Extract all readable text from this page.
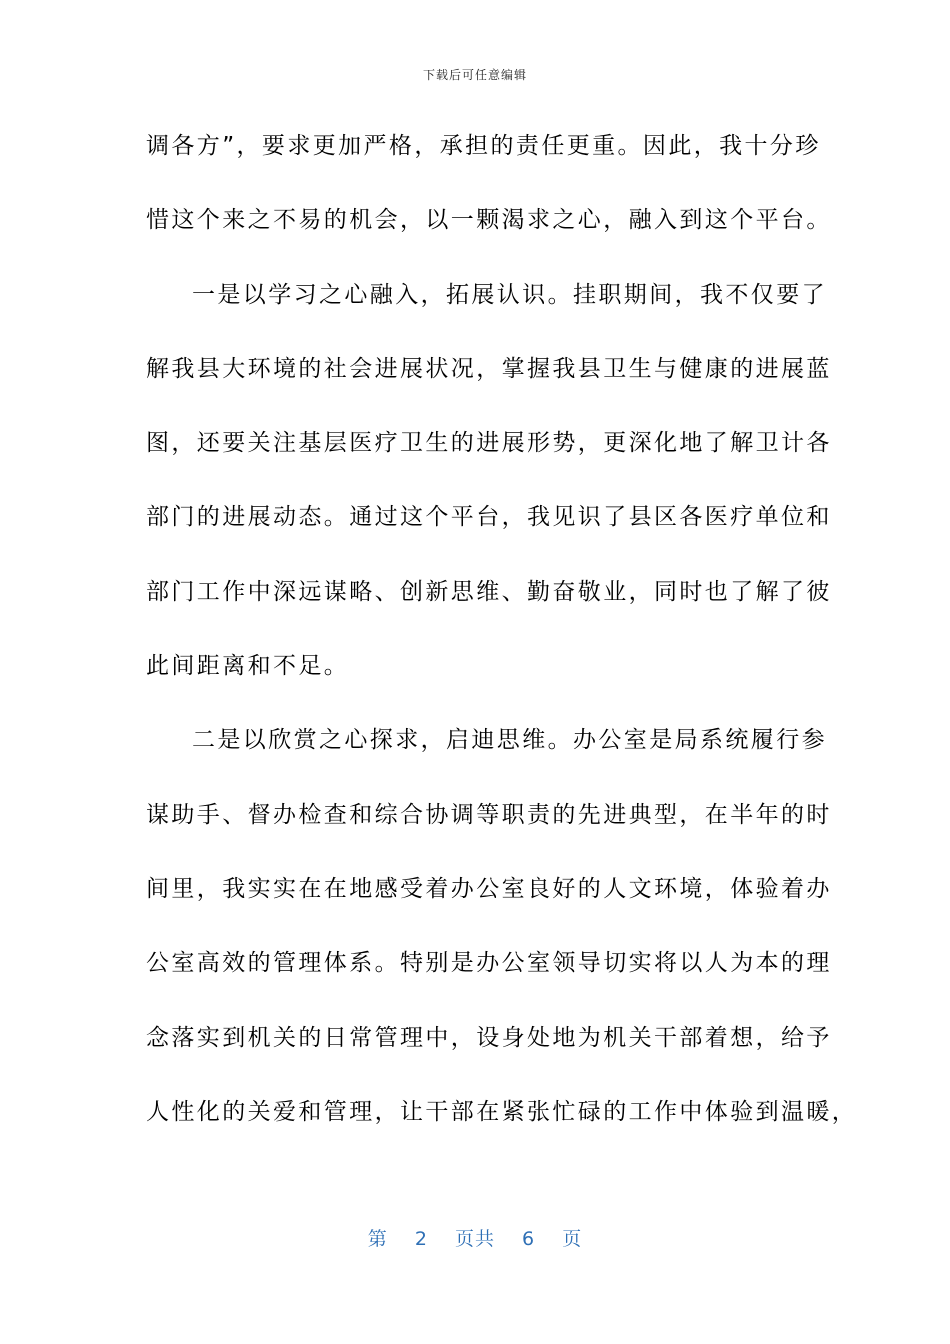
下载后可任意编辑
调各方”，要求更加严格，承担的责任更重。因此，我十分珍
惜这个来之不易的机会，以一颗渴求之心，融入到这个平台。
一是以学习之心融入，拓展认识。挂职期间，我不仅要了
解我县大环境的社会进展状况，掌握我县卫生与健康的进展蓝
图，还要关注基层医疗卫生的进展形势，更深化地了解卫计各
部门的进展动态。通过这个平台，我见识了县区各医疗单位和
部门工作中深远谋略、创新思维、勤奋敬业，同时也了解了彼
此间距离和不足。
二是以欣赏之心探求，启迪思维。办公室是局系统履行参
谋助手、督办检查和综合协调等职责的先进典型，在半年的时
间里，我实实在在地感受着办公室良好的人文环境，体验着办
公室高效的管理体系。特别是办公室领导切实将以人为本的理
念落实到机关的日常管理中，设身处地为机关干部着想，给予
人性化的关爱和管理，让干部在紧张忙碌的工作中体验到温暖，
第 2 页共 6 页
